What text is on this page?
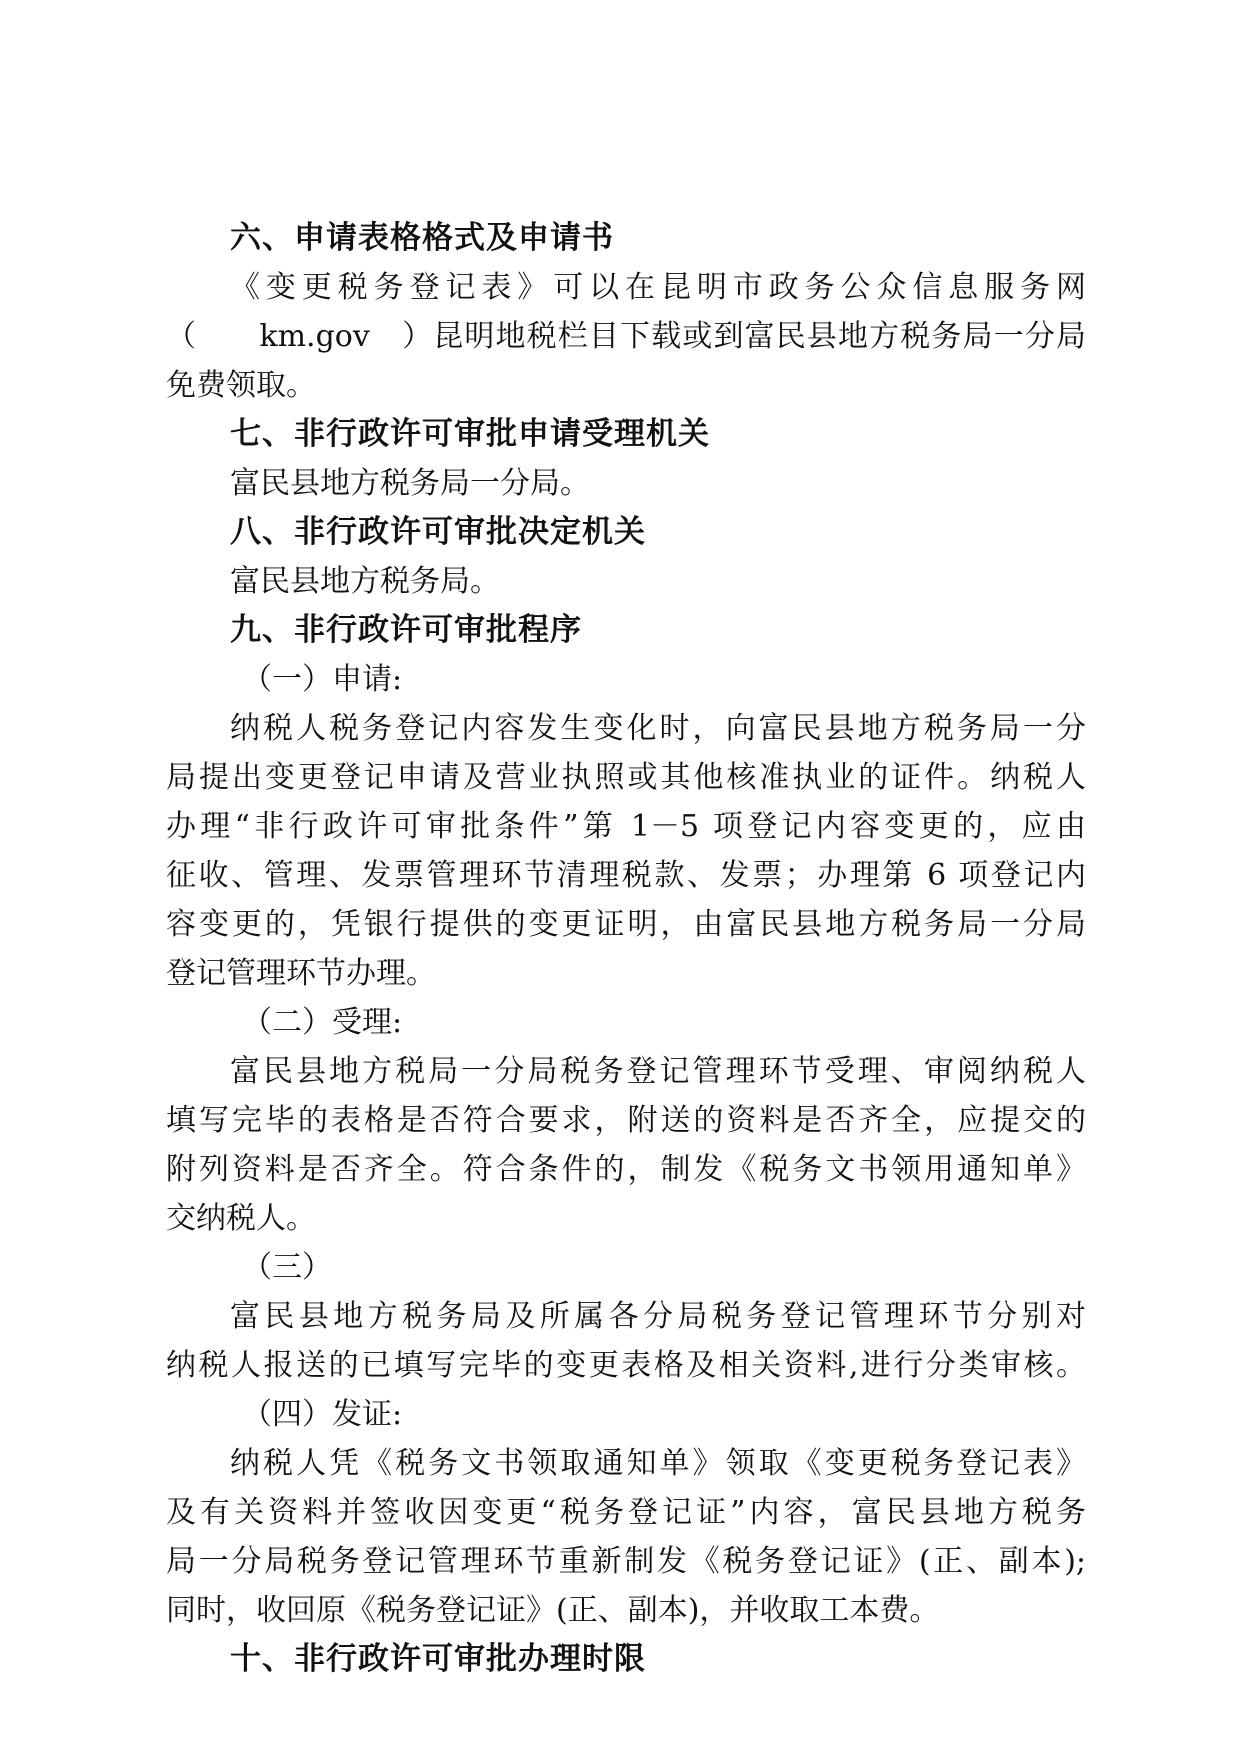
六、申请表格格式及申请书
《变更税务登记表》可以在昆明市政务公众信息服务网
（　　km.gov　）昆明地税栏目下载或到富民县地方税务局一分局
免费领取。
七、非行政许可审批申请受理机关
富民县地方税务局一分局。
八、非行政许可审批决定机关
富民县地方税务局。
九、非行政许可审批程序
（一）申请:
纳税人税务登记内容发生变化时，向富民县地方税务局一分
局提出变更登记申请及营业执照或其他核准执业的证件。纳税人
办理“非行政许可审批条件”第 1－5 项登记内容变更的，应由
征收、管理、发票管理环节清理税款、发票；办理第 6 项登记内
容变更的，凭银行提供的变更证明，由富民县地方税务局一分局
登记管理环节办理。
（二）受理:
富民县地方税局一分局税务登记管理环节受理、审阅纳税人
填写完毕的表格是否符合要求，附送的资料是否齐全，应提交的
附列资料是否齐全。符合条件的，制发《税务文书领用通知单》
交纳税人。
（三）
富民县地方税务局及所属各分局税务登记管理环节分别对
纳税人报送的已填写完毕的变更表格及相关资料,进行分类审核。
（四）发证:
纳税人凭《税务文书领取通知单》领取《变更税务登记表》
及有关资料并签收因变更“税务登记证”内容，富民县地方税务
局一分局税务登记管理环节重新制发《税务登记证》(正、副本);
同时，收回原《税务登记证》(正、副本)，并收取工本费。
十、非行政许可审批办理时限
